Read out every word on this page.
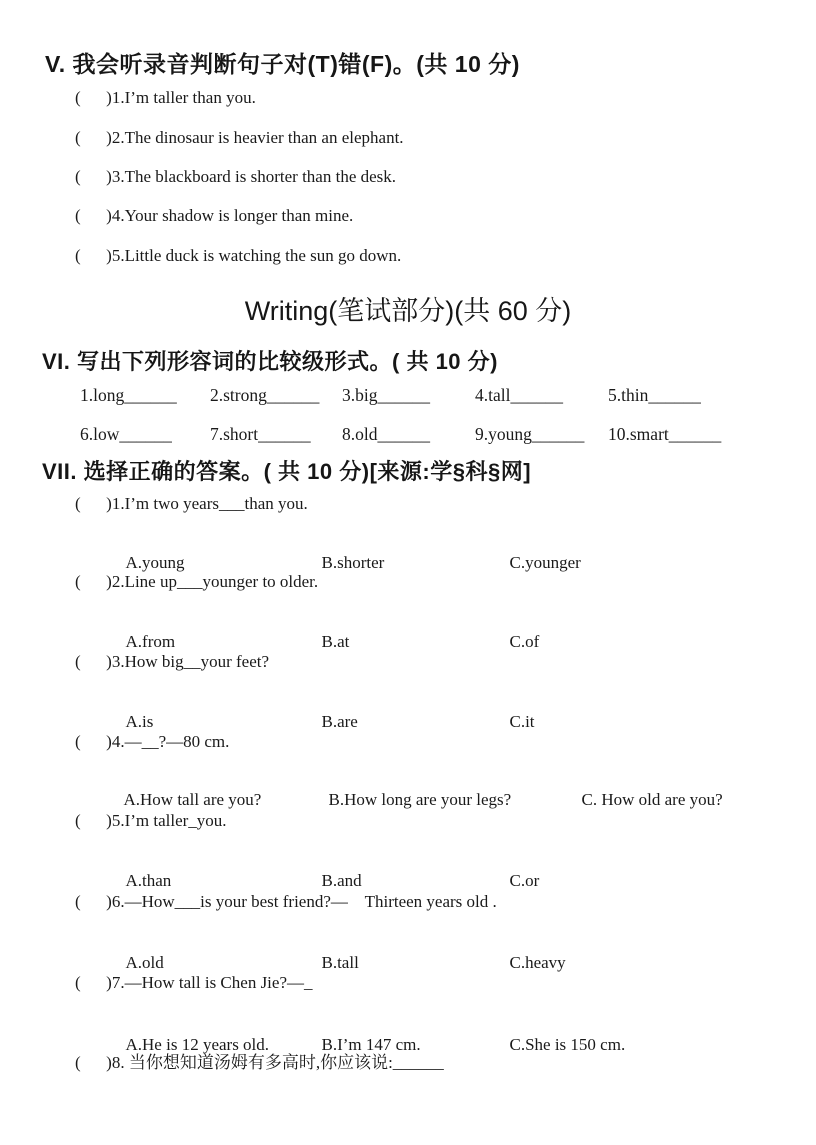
V. 我会听录音判断句子对(T)错(F)。(共 10 分)
(      )1.I’m taller than you.
(      )2.The dinosaur is heavier than an elephant.
(      )3.The blackboard is shorter than the desk.
(      )4.Your shadow is longer than mine.
(      )5.Little duck is watching the sun go down.
Writing(笔试部分)(共 60 分)
VI. 写出下列形容词的比较级形式。( 共 10 分)
1.long______	2.strong______	3.big______	4.tall______	5.thin______
6.low______	7.short______	8.old______	9.young______	10.smart______
VII. 选择正确的答案。( 共 10 分)[来源:学§科§网]
(      )1.I’m two years___than you.

A.young	B.shorter	C.younger

(      )2.Line up___younger to older.

A.from	B.at	C.of

(      )3.How big__your feet?

A.is	B.are	C.it

(      )4.—__?—80 cm.

A.How tall are you?	B.How long are your legs?	C. How old are you?

(      )5.I’m taller_you.

A.than	B.and	C.or

(      )6.—How___is your best friend?—    Thirteen years old .

A.old	B.tall	C.heavy

(      )7.—How tall is Chen Jie?—_

A.He is 12 years old.	B.I’m 147 cm.	C.She is 150 cm.

(      )8. 当你想知道汤姆有多高时,你应该说:______
